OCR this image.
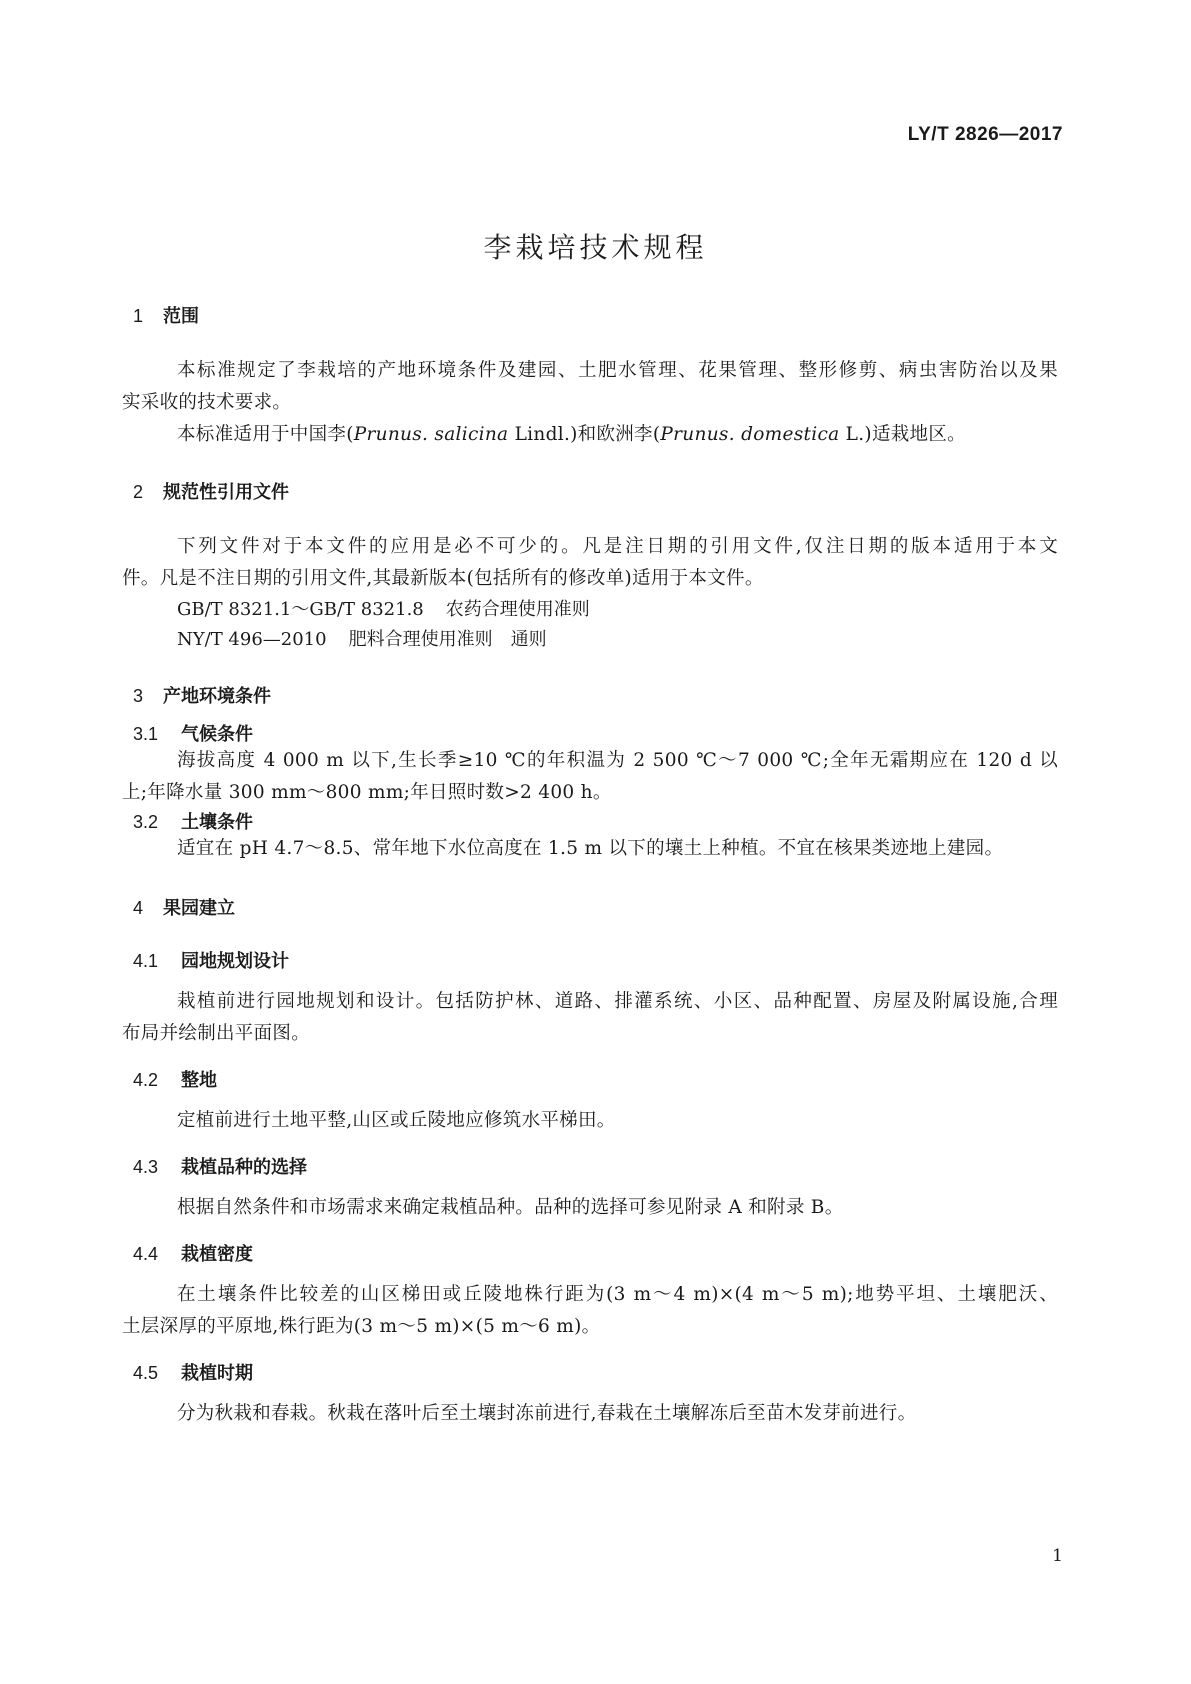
LY/T 2826—2017
李栽培技术规程
1 范围
本标准规定了李栽培的产地环境条件及建园、土肥水管理、花果管理、整形修剪、病虫害防治以及果
实采收的技术要求。
本标准适用于中国李(Prunus. salicina Lindl.)和欧洲李(Prunus. domestica L.)适栽地区。
2 规范性引用文件
下列文件对于本文件的应用是必不可少的。凡是注日期的引用文件,仅注日期的版本适用于本文
件。凡是不注日期的引用文件,其最新版本(包括所有的修改单)适用于本文件。
GB/T 8321.1～GB/T 8321.8 农药合理使用准则
NY/T 496—2010 肥料合理使用准则　通则
3 产地环境条件
3.1 气候条件
海拔高度 4 000 m 以下,生长季≥10 ℃的年积温为 2 500 ℃～7 000 ℃;全年无霜期应在 120 d 以
上;年降水量 300 mm～800 mm;年日照时数>2 400 h。
3.2 土壤条件
适宜在 pH 4.7～8.5、常年地下水位高度在 1.5 m 以下的壤土上种植。不宜在核果类迹地上建园。
4 果园建立
4.1 园地规划设计
栽植前进行园地规划和设计。包括防护林、道路、排灌系统、小区、品种配置、房屋及附属设施,合理
布局并绘制出平面图。
4.2 整地
定植前进行土地平整,山区或丘陵地应修筑水平梯田。
4.3 栽植品种的选择
根据自然条件和市场需求来确定栽植品种。品种的选择可参见附录 A 和附录 B。
4.4 栽植密度
在土壤条件比较差的山区梯田或丘陵地株行距为(3 m～4 m)×(4 m～5 m);地势平坦、土壤肥沃、
土层深厚的平原地,株行距为(3 m～5 m)×(5 m～6 m)。
4.5 栽植时期
分为秋栽和春栽。秋栽在落叶后至土壤封冻前进行,春栽在土壤解冻后至苗木发芽前进行。
1
